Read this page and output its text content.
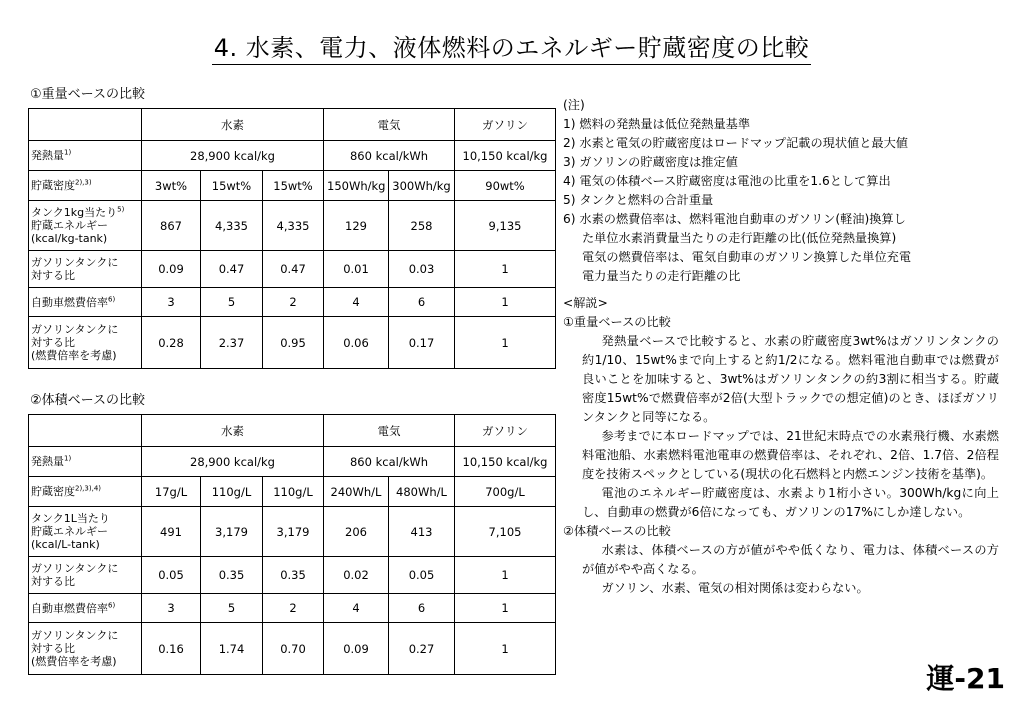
4. 水素、電力、液体燃料のエネルギー貯蔵密度の比較
①重量ベースの比較
	水素			電気		ガソリン
発熱量$^{1)}$	28,900 kcal/kg			860 kcal/kWh		10,150 kcal/kg
貯蔵密度$^{2),3)}$	3wt%	15wt%	15wt%	150Wh/kg	300Wh/kg	90wt%
タンク1kg当たり$^{5)}$
貯蔵エネルギー
(kcal/kg-tank)	867	4,335	4,335	129	258	9,135
ガソリンタンクに
対する比	0.09	0.47	0.47	0.01	0.03	1
自動車燃費倍率$^{6)}$	3	5	2	4	6	1
ガソリンタンクに
対する比
(燃費倍率を考慮)	0.28	2.37	0.95	0.06	0.17	1
②体積ベースの比較
	水素			電気		ガソリン
発熱量$^{1)}$	28,900 kcal/kg			860 kcal/kWh		10,150 kcal/kg
貯蔵密度$^{2),3),4)}$	17g/L	110g/L	110g/L	240Wh/L	480Wh/L	700g/L
タンク1L当たり
貯蔵エネルギー
(kcal/L-tank)	491	3,179	3,179	206	413	7,105
ガソリンタンクに
対する比	0.05	0.35	0.35	0.02	0.05	1
自動車燃費倍率$^{6)}$	3	5	2	4	6	1
ガソリンタンクに
対する比
(燃費倍率を考慮)	0.16	1.74	0.70	0.09	0.27	1
(注)
1) 燃料の発熱量は低位発熱量基準
2) 水素と電気の貯蔵密度はロードマップ記載の現状値と最大値
3) ガソリンの貯蔵密度は推定値
4) 電気の体積ベース貯蔵密度は電池の比重を1.6として算出
5) タンクと燃料の合計重量
6) 水素の燃費倍率は、燃料電池自動車のガソリン(軽油)換算し
た単位水素消費量当たりの走行距離の比(低位発熱量換算)
電気の燃費倍率は、電気自動車のガソリン換算した単位充電
電力量当たりの走行距離の比
<解説>
①重量ベースの比較
発熱量ベースで比較すると、水素の貯蔵密度3wt%はガソリンタンクの約1/10、15wt%まで向上すると約1/2になる。燃料電池自動車では燃費が良いことを加味すると、3wt%はガソリンタンクの約3割に相当する。貯蔵密度15wt%で燃費倍率が2倍(大型トラックでの想定値)のとき、ほぼガソリンタンクと同等になる。
参考までに本ロードマップでは、21世紀末時点での水素飛行機、水素燃料電池船、水素燃料電池電車の燃費倍率は、それぞれ、2倍、1.7倍、2倍程度を技術スペックとしている(現状の化石燃料と内燃エンジン技術を基準)。
電池のエネルギー貯蔵密度は、水素より1桁小さい。300Wh/kgに向上し、自動車の燃費が6倍になっても、ガソリンの17%にしか達しない。
②体積ベースの比較
水素は、体積ベースの方が値がやや低くなり、電力は、体積ベースの方が値がやや高くなる。
ガソリン、水素、電気の相対関係は変わらない。
運-21
